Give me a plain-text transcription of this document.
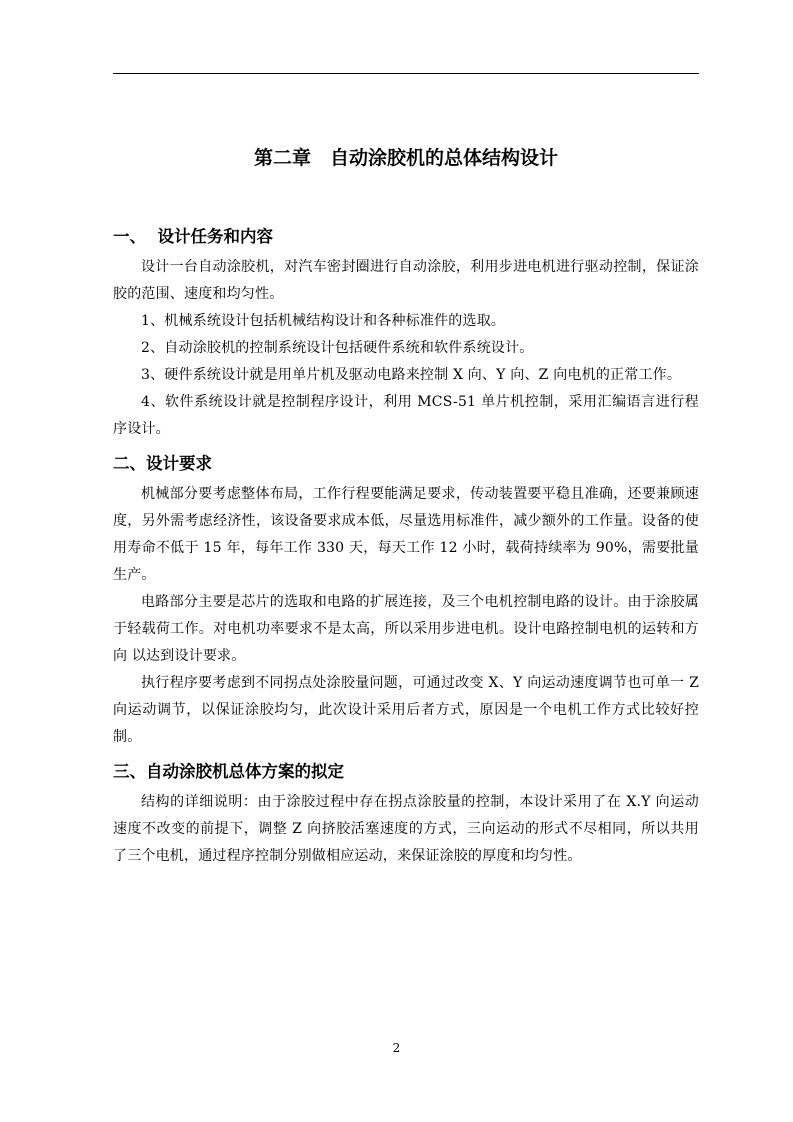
第二章　自动涂胶机的总体结构设计
一、  设计任务和内容

设计一台自动涂胶机，对汽车密封圈进行自动涂胶，利用步进电机进行驱动控制，保证涂胶的范围、速度和均匀性。

1、机械系统设计包括机械结构设计和各种标准件的选取。

2、自动涂胶机的控制系统设计包括硬件系统和软件系统设计。

3、硬件系统设计就是用单片机及驱动电路来控制 X 向、Y 向、Z 向电机的正常工作。

4、软件系统设计就是控制程序设计，利用 MCS-51 单片机控制，采用汇编语言进行程序设计。

二、设计要求

机械部分要考虑整体布局，工作行程要能满足要求，传动装置要平稳且准确，还要兼顾速度，另外需考虑经济性，该设备要求成本低，尽量选用标准件，减少额外的工作量。设备的使用寿命不低于 15 年，每年工作 330 天，每天工作 12 小时，载荷持续率为 90%，需要批量生产。

电路部分主要是芯片的选取和电路的扩展连接，及三个电机控制电路的设计。由于涂胶属于轻载荷工作。对电机功率要求不是太高，所以采用步进电机。设计电路控制电机的运转和方向 以达到设计要求。

执行程序要考虑到不同拐点处涂胶量问题，可通过改变 X、Y 向运动速度调节也可单一 Z 向运动调节，以保证涂胶均匀，此次设计采用后者方式，原因是一个电机工作方式比较好控制。

三、自动涂胶机总体方案的拟定

结构的详细说明：由于涂胶过程中存在拐点涂胶量的控制，本设计采用了在 X.Y 向运动速度不改变的前提下，调整 Z 向挤胶活塞速度的方式，三向运动的形式不尽相同，所以共用了三个电机，通过程序控制分别做相应运动，来保证涂胶的厚度和均匀性。

2
